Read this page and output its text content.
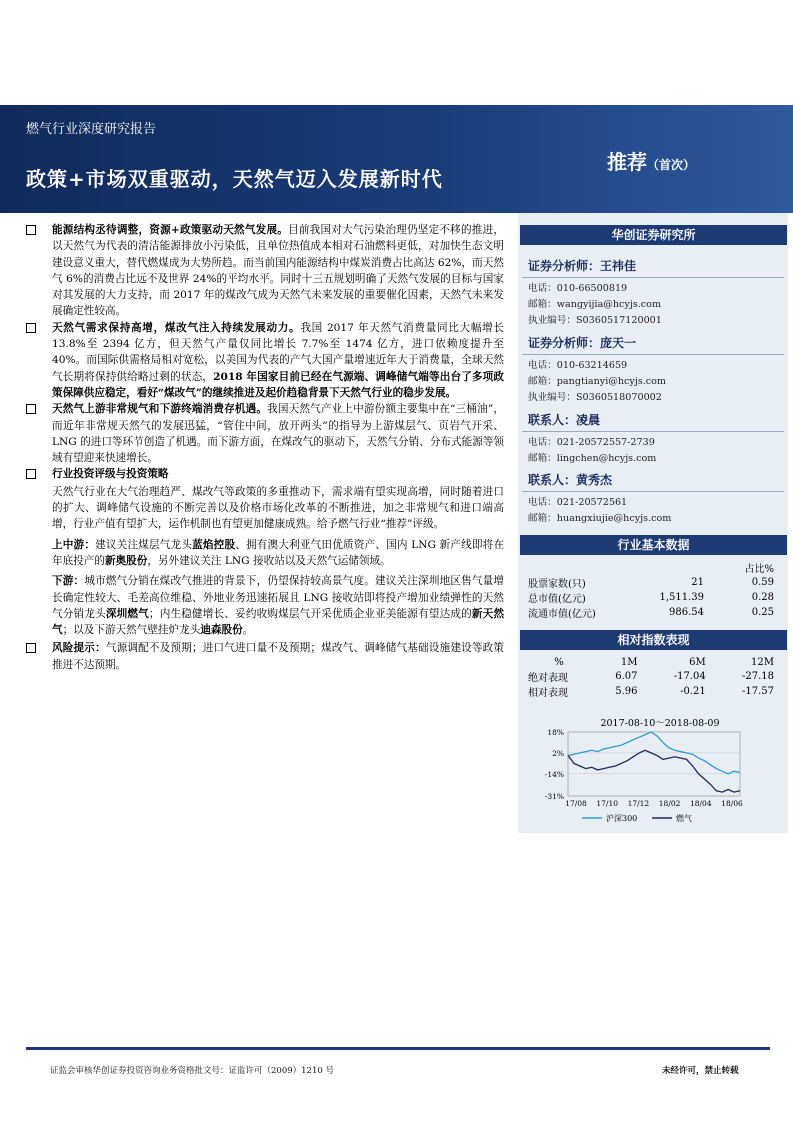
燃气行业深度研究报告
政策+市场双重驱动，天然气迈入发展新时代
推荐（首次）
能源结构丞待调整，资源+政策驱动天然气发展。目前我国对大气污染治理仍坚定不移的推进，以天然气为代表的清洁能源排放小污染低，且单位热值成本相对石油燃料更低，对加快生态文明建设意义重大，替代燃煤成为大势所趋。而当前国内能源结构中煤炭消费占比高达 62%，而天然气 6%的消费占比远不及世界 24%的平均水平。同时十三五规划明确了天然气发展的目标与国家对其发展的大力支持，而 2017 年的煤改气成为天然气未来发展的重要催化因素，天然气未来发展确定性较高。
天然气需求保持高增，煤改气注入持续发展动力。我国 2017 年天然气消费量同比大幅增长 13.8%至 2394 亿方，但天然气产量仅同比增长 7.7%至 1474 亿方，进口依赖度提升至 40%。而国际供需格局相对宽松，以美国为代表的产气大国产量增速近年大于消费量，全球天然气长期将保持供给略过剩的状态，2018 年国家目前已经在气源端、调峰储气端等出台了多项政策保障供应稳定，看好“煤改气”的继续推进及起价趋稳背景下天然气行业的稳步发展。
天然气上游非常规气和下游终端消费存机遇。我国天然气产业上中游份额主要集中在“三桶油”，而近年非常规天然气的发展迅猛，“管住中间，放开两头”的指导为上游煤层气、页岩气开采、LNG 的进口等环节创造了机遇。而下游方面，在煤改气的驱动下，天然气分销、分布式能源等领域有望迎来快速增长。
行业投资评级与投资策略
天然气行业在大气治理趋严、煤改气等政策的多重推动下，需求端有望实现高增，同时随着进口的扩大、调峰储气设施的不断完善以及价格市场化改革的不断推进，加之非常规气和进口端高增，行业产值有望扩大，运作机制也有望更加健康成熟。给予燃气行业“推荐”评级。
上中游：建议关注煤层气龙头蓝焰控股、拥有澳大利亚气田优质资产、国内 LNG 新产线即将在年底投产的新奥股份，另外建议关注 LNG 接收站以及天然气运储领域。
下游：城市燃气分销在煤改气推进的背景下，仍望保持较高景气度。建议关注深圳地区售气量增长确定性较大、毛差高位维稳、外地业务迅速拓展且 LNG 接收站即将投产增加业绩弹性的天然气分销龙头深圳燃气；内生稳健增长、妥约收购煤层气开采优质企业亚美能源有望达成的新天然气；以及下游天然气壁挂炉龙头迪森股份。
风险提示：气源调配不及预期；进口气进口量不及预期；煤改气、调峰储气基础设施建设等政策推进不达预期。
华创证券研究所
证券分析师：王祎佳
电话：010-66500819
邮箱：wangyijia@hcyjs.com
执业编号：S0360517120001
证券分析师：庞天一
电话：010-63214659
邮箱：pangtianyi@hcyjs.com
执业编号：S0360518070002
联系人：凌晨
电话：021-20572557-2739
邮箱：lingchen@hcyjs.com
联系人：黄秀杰
电话：021-20572561
邮箱：huangxiujie@hcyjs.com
行业基本数据
		占比%
股票家数(只)	21	0.59
总市值(亿元)	1,511.39	0.28
流通市值(亿元)	986.54	0.25
相对指数表现
%	1M	6M	12M
绝对表现	6.07	-17.04	-27.18
相对表现	5.96	-0.21	-17.57
2017-08-10～2018-08-09
18%
2%
-14%
-31%
17/08 17/10 17/12 18/02 18/04 18/06
沪深300	燃气
证监会审核华创证券投资咨询业务资格批文号：证监许可（2009）1210 号	未经许可，禁止转载
